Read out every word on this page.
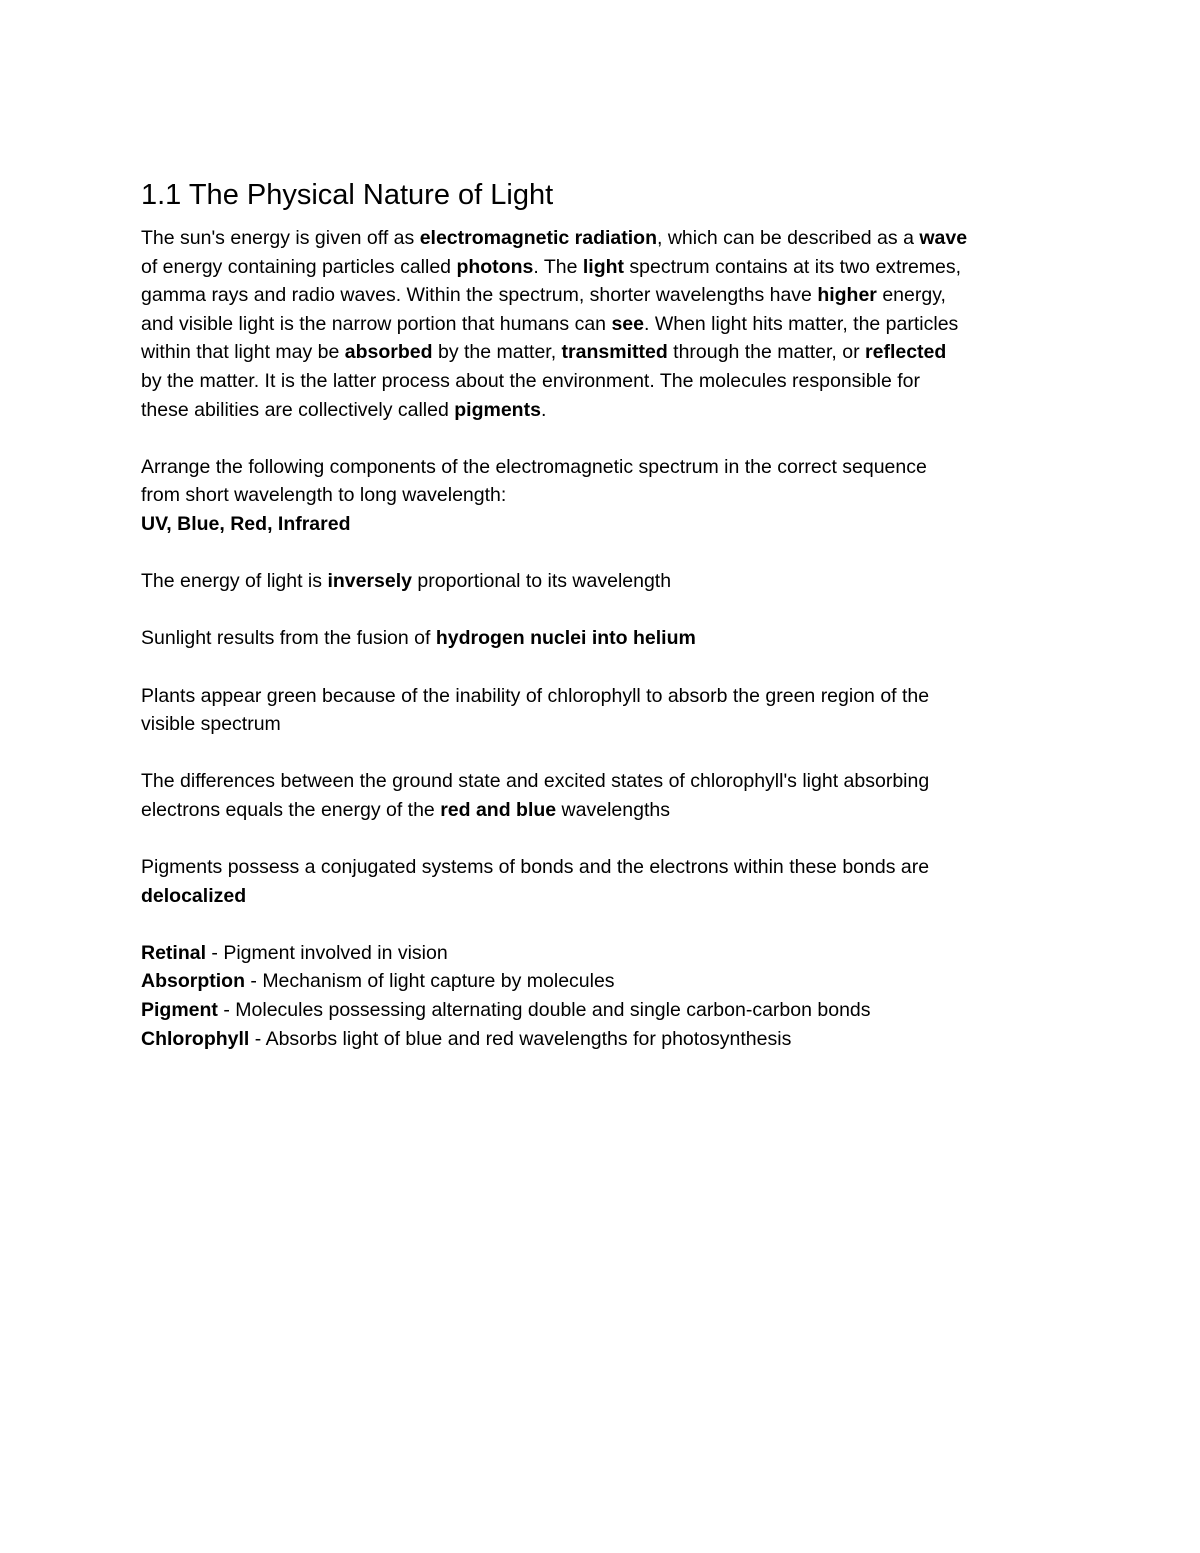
1.1 The Physical Nature of Light
The sun's energy is given off as electromagnetic radiation, which can be described as a wave
of energy containing particles called photons. The light spectrum contains at its two extremes,
gamma rays and radio waves. Within the spectrum, shorter wavelengths have higher energy,
and visible light is the narrow portion that humans can see. When light hits matter, the particles
within that light may be absorbed by the matter, transmitted through the matter, or reflected
by the matter. It is the latter process about the environment. The molecules responsible for
these abilities are collectively called pigments.
Arrange the following components of the electromagnetic spectrum in the correct sequence
from short wavelength to long wavelength:
UV, Blue, Red, Infrared
The energy of light is inversely proportional to its wavelength
Sunlight results from the fusion of hydrogen nuclei into helium
Plants appear green because of the inability of chlorophyll to absorb the green region of the
visible spectrum
The differences between the ground state and excited states of chlorophyll's light absorbing
electrons equals the energy of the red and blue wavelengths
Pigments possess a conjugated systems of bonds and the electrons within these bonds are
delocalized
Retinal - Pigment involved in vision
Absorption - Mechanism of light capture by molecules
Pigment - Molecules possessing alternating double and single carbon-carbon bonds
Chlorophyll - Absorbs light of blue and red wavelengths for photosynthesis
